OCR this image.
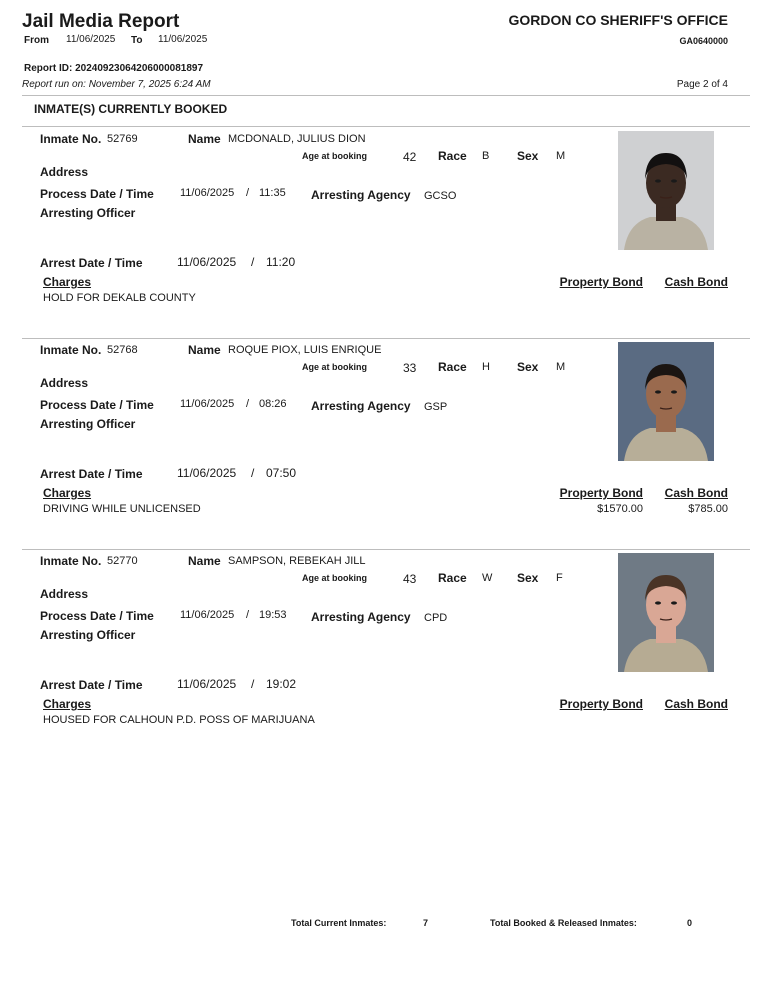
Jail Media Report	GORDON CO SHERIFF'S OFFICE
From 11/06/2025 To 11/06/2025	GA0640000
Report ID: 20240923064206000081897
Report run on: November 7, 2025 6:24 AM	Page 2 of 4
INMATE(S) CURRENTLY BOOKED
Inmate No. 52769	Name MCDONALD, JULIUS DION
Age at booking	42 Race B Sex M
Address
Process Date / Time 11/06/2025 / 11:35 Arresting Agency GCSO
Arresting Officer
Arrest Date / Time	11/06/2025 / 11:20
Charges
HOLD FOR DEKALB COUNTY
Property Bond Cash Bond
Inmate No. 52768	Name ROQUE PIOX, LUIS ENRIQUE
Age at booking	33 Race H Sex M
Address
Process Date / Time 11/06/2025 / 08:26 Arresting Agency GSP
Arresting Officer
Arrest Date / Time	11/06/2025 / 07:50
Charges
DRIVING WHILE UNLICENSED
Property Bond Cash Bond
$1570.00	$785.00
Inmate No. 52770	Name SAMPSON, REBEKAH JILL
Age at booking	43 Race W Sex F
Address
Process Date / Time 11/06/2025 / 19:53 Arresting Agency CPD
Arresting Officer
Arrest Date / Time	11/06/2025 / 19:02
Charges
HOUSED FOR CALHOUN P.D. POSS OF MARIJUANA
Property Bond Cash Bond
Total Current Inmates:	7	Total Booked & Released Inmates:	0
